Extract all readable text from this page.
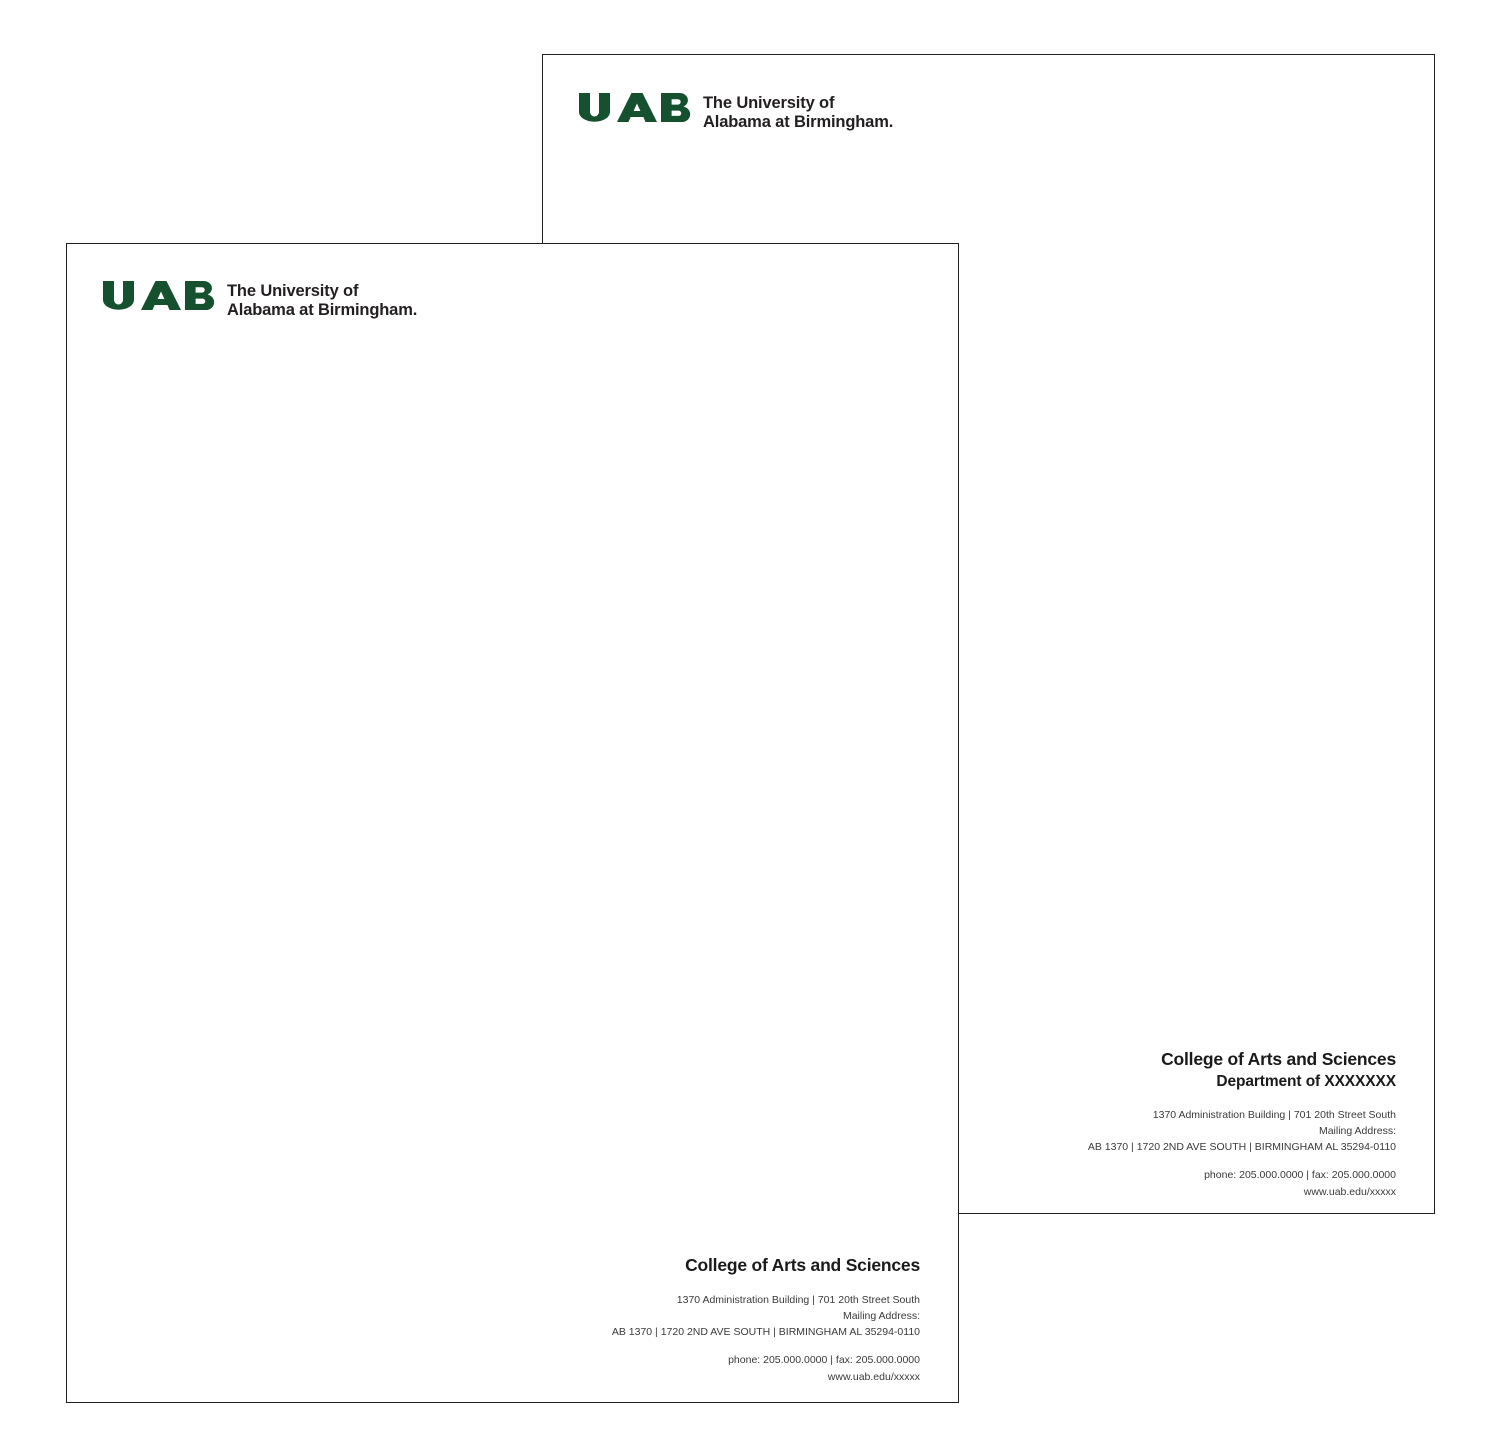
The University of
Alabama at Birmingham.
College of Arts and Sciences
Department of XXXXXXX
1370 Administration Building | 701 20th Street South
Mailing Address:
AB 1370 | 1720 2ND AVE SOUTH | BIRMINGHAM AL 35294-0110
phone: 205.000.0000 | fax: 205.000.0000
www.uab.edu/xxxxx
The University of
Alabama at Birmingham.
College of Arts and Sciences
1370 Administration Building | 701 20th Street South
Mailing Address:
AB 1370 | 1720 2ND AVE SOUTH | BIRMINGHAM AL 35294-0110
phone: 205.000.0000 | fax: 205.000.0000
www.uab.edu/xxxxx
